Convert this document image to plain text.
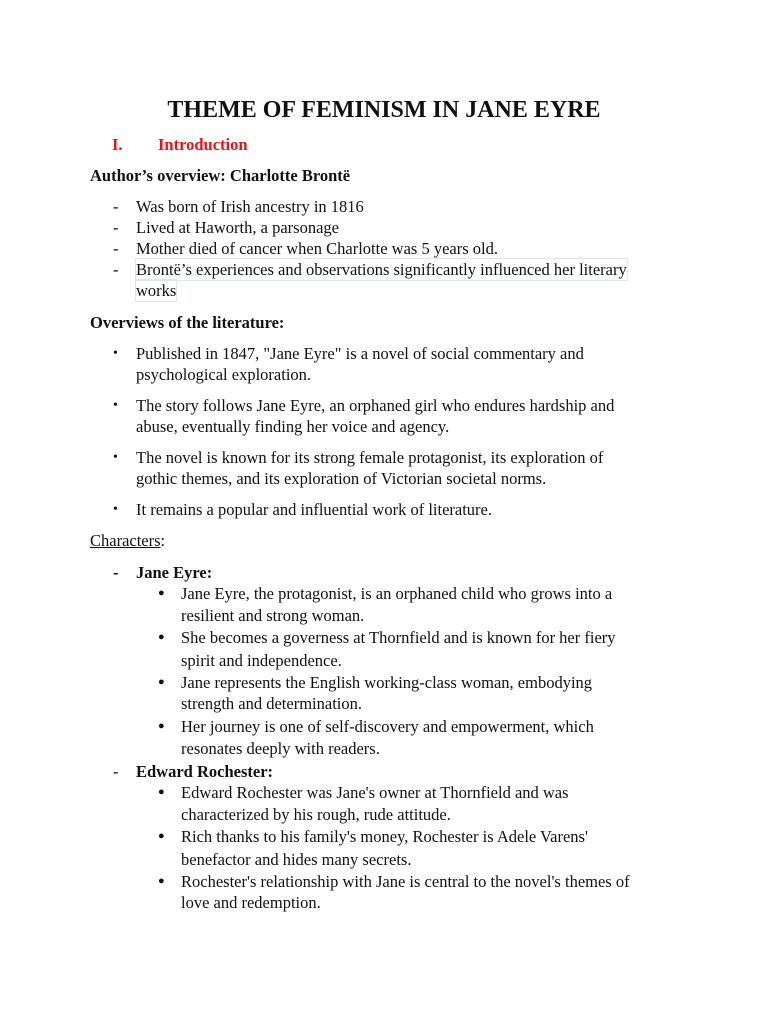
THEME OF FEMINISM IN JANE EYRE
I. Introduction
Author’s overview: Charlotte Brontë
- Was born of Irish ancestry in 1816
- Lived at Haworth, a parsonage
- Mother died of cancer when Charlotte was 5 years old.
- Brontë’s experiences and observations significantly influenced her literary
works
Overviews of the literature:
• Published in 1847, "Jane Eyre" is a novel of social commentary and
psychological exploration.
• The story follows Jane Eyre, an orphaned girl who endures hardship and
abuse, eventually finding her voice and agency.
• The novel is known for its strong female protagonist, its exploration of
gothic themes, and its exploration of Victorian societal norms.
• It remains a popular and influential work of literature.
Characters:
- Jane Eyre:
● Jane Eyre, the protagonist, is an orphaned child who grows into a
resilient and strong woman.
● She becomes a governess at Thornfield and is known for her fiery
spirit and independence.
● Jane represents the English working-class woman, embodying
strength and determination.
● Her journey is one of self-discovery and empowerment, which
resonates deeply with readers.
- Edward Rochester:
● Edward Rochester was Jane's owner at Thornfield and was
characterized by his rough, rude attitude.
● Rich thanks to his family's money, Rochester is Adele Varens'
benefactor and hides many secrets.
● Rochester's relationship with Jane is central to the novel's themes of
love and redemption.
